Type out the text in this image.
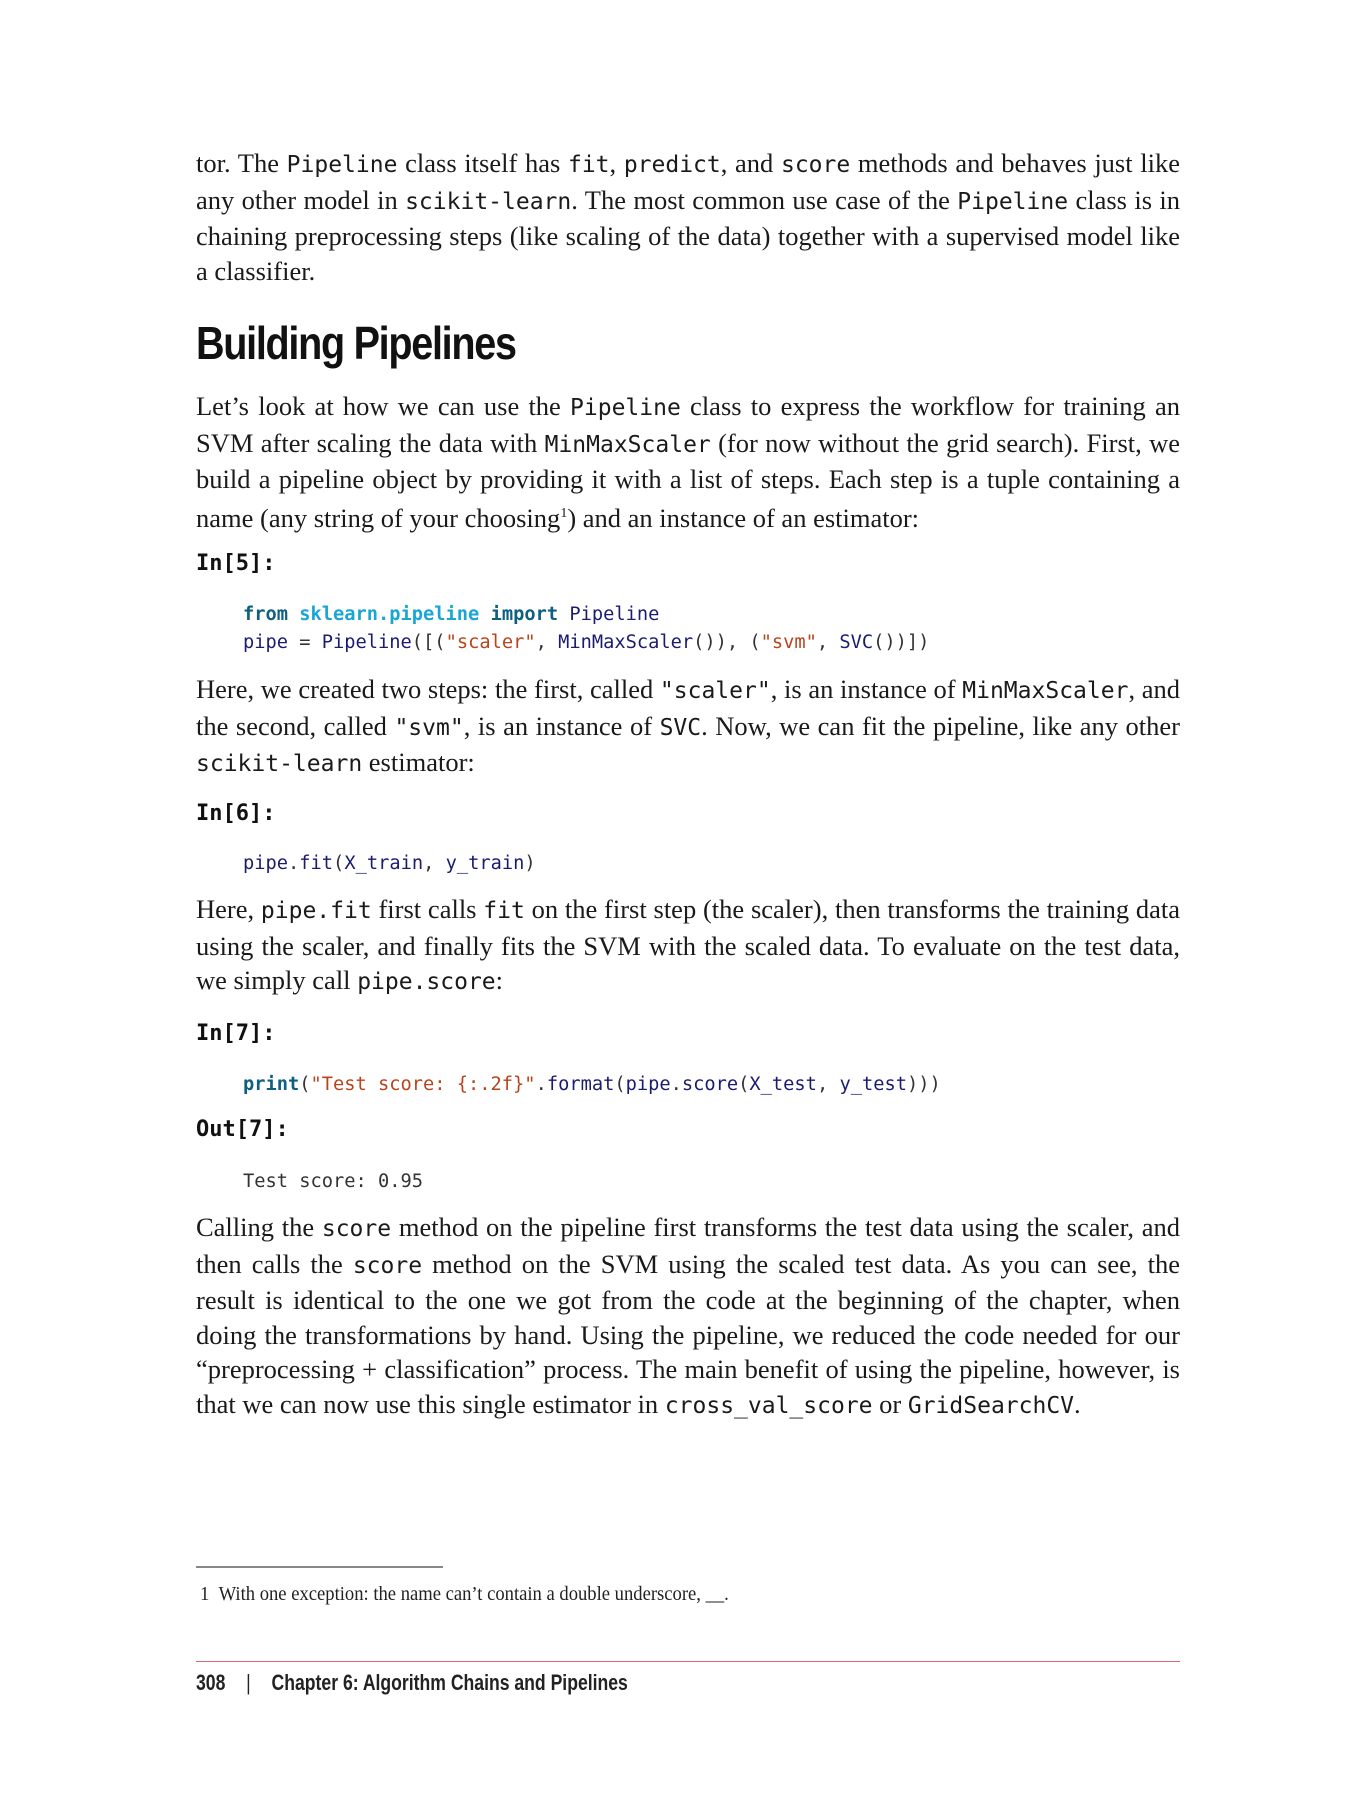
tor. The Pipeline class itself has fit, predict, and score methods and behaves just like any other model in scikit-learn. The most common use case of the Pipeline class is in chaining preprocessing steps (like scaling of the data) together with a supervised model like a classifier.
Building Pipelines
Let’s look at how we can use the Pipeline class to express the workflow for training an SVM after scaling the data with MinMaxScaler (for now without the grid search). First, we build a pipeline object by providing it with a list of steps. Each step is a tuple containing a name (any string of your choosing$^1$) and an instance of an estimator:
In[5]:
from sklearn.pipeline import Pipeline
pipe = Pipeline([("scaler", MinMaxScaler()), ("svm", SVC())])
Here, we created two steps: the first, called "scaler", is an instance of MinMaxScaler, and the second, called "svm", is an instance of SVC. Now, we can fit the pipeline, like any other scikit-learn estimator:
In[6]:
pipe.fit(X_train, y_train)
Here, pipe.fit first calls fit on the first step (the scaler), then transforms the training data using the scaler, and finally fits the SVM with the scaled data. To evaluate on the test data, we simply call pipe.score:
In[7]:
print("Test score: {:.2f}".format(pipe.score(X_test, y_test)))
Out[7]:
Test score: 0.95
Calling the score method on the pipeline first transforms the test data using the scaler, and then calls the score method on the SVM using the scaled test data. As you can see, the result is identical to the one we got from the code at the beginning of the chapter, when doing the transformations by hand. Using the pipeline, we reduced the code needed for our “preprocessing + classification” process. The main benefit of using the pipeline, however, is that we can now use this single estimator in cross_val_score or GridSearchCV.
1 With one exception: the name can’t contain a double underscore, __.
308 | Chapter 6: Algorithm Chains and Pipelines
